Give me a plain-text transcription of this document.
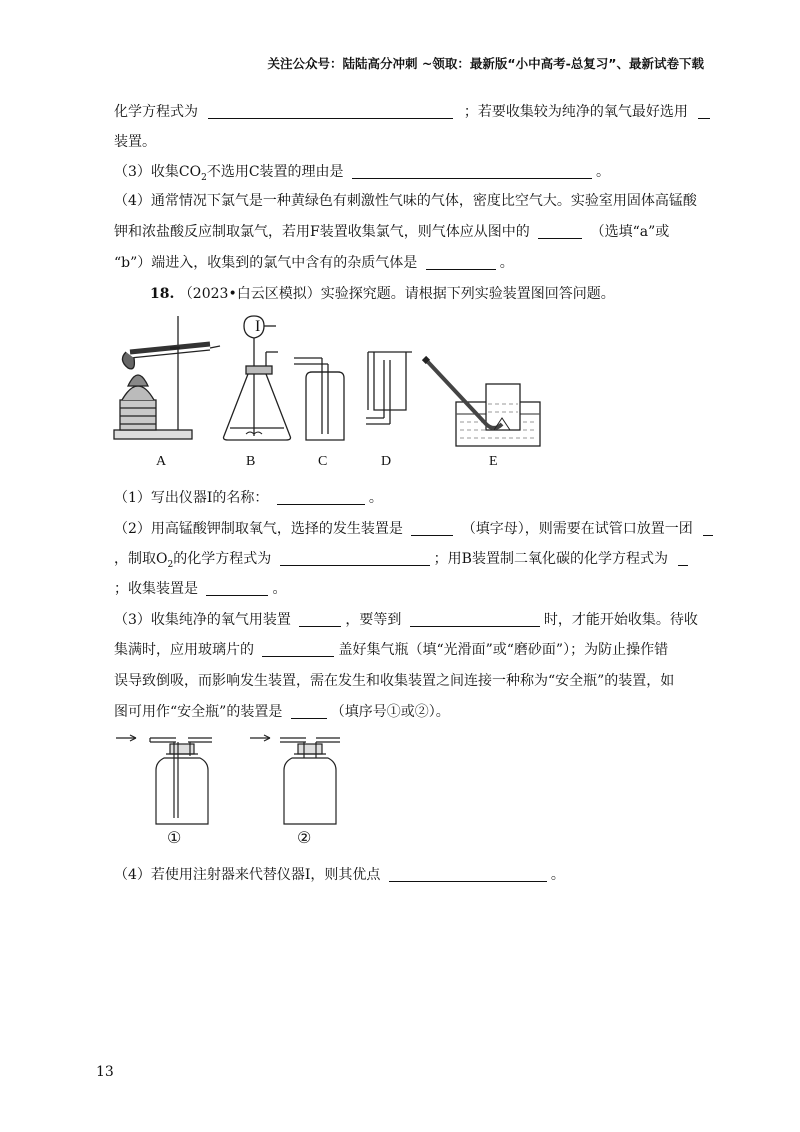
关注公众号：陆陆高分冲刺 ~领取：最新版“小中高考-总复习”、最新试卷下载
化学方程式为	；若要收集较为纯净的氧气最好选用
装置。
（3）收集$CO_2$不选用C装置的理由是	。
（4）通常情况下氯气是一种黄绿色有刺激性气味的气体，密度比空气大。实验室用固体高锰酸
钾和浓盐酸反应制取氯气，若用F装置收集氯气，则气体应从图中的	（选填“a”或
“b”）端进入，收集到的氯气中含有的杂质气体是	。
18. （2023•白云区模拟）实验探究题。请根据下列实验装置图回答问题。
I
A	B	C	D	E
（1）写出仪器I的名称：	。
（2）用高锰酸钾制取氧气，选择的发生装置是	（填字母），则需要在试管口放置一团
，制取$O_2$的化学方程式为	；用B装置制二氧化碳的化学方程式为
；收集装置是	。
（3）收集纯净的氧气用装置	，要等到	时，才能开始收集。待收
集满时，应用玻璃片的	盖好集气瓶（填“光滑面”或“磨砂面”）；为防止操作错
误导致倒吸，而影响发生装置，需在发生和收集装置之间连接一种称为“安全瓶”的装置，如
图可用作“安全瓶”的装置是	（填序号①或②）。
①	②
（4）若使用注射器来代替仪器I，则其优点	。
13
